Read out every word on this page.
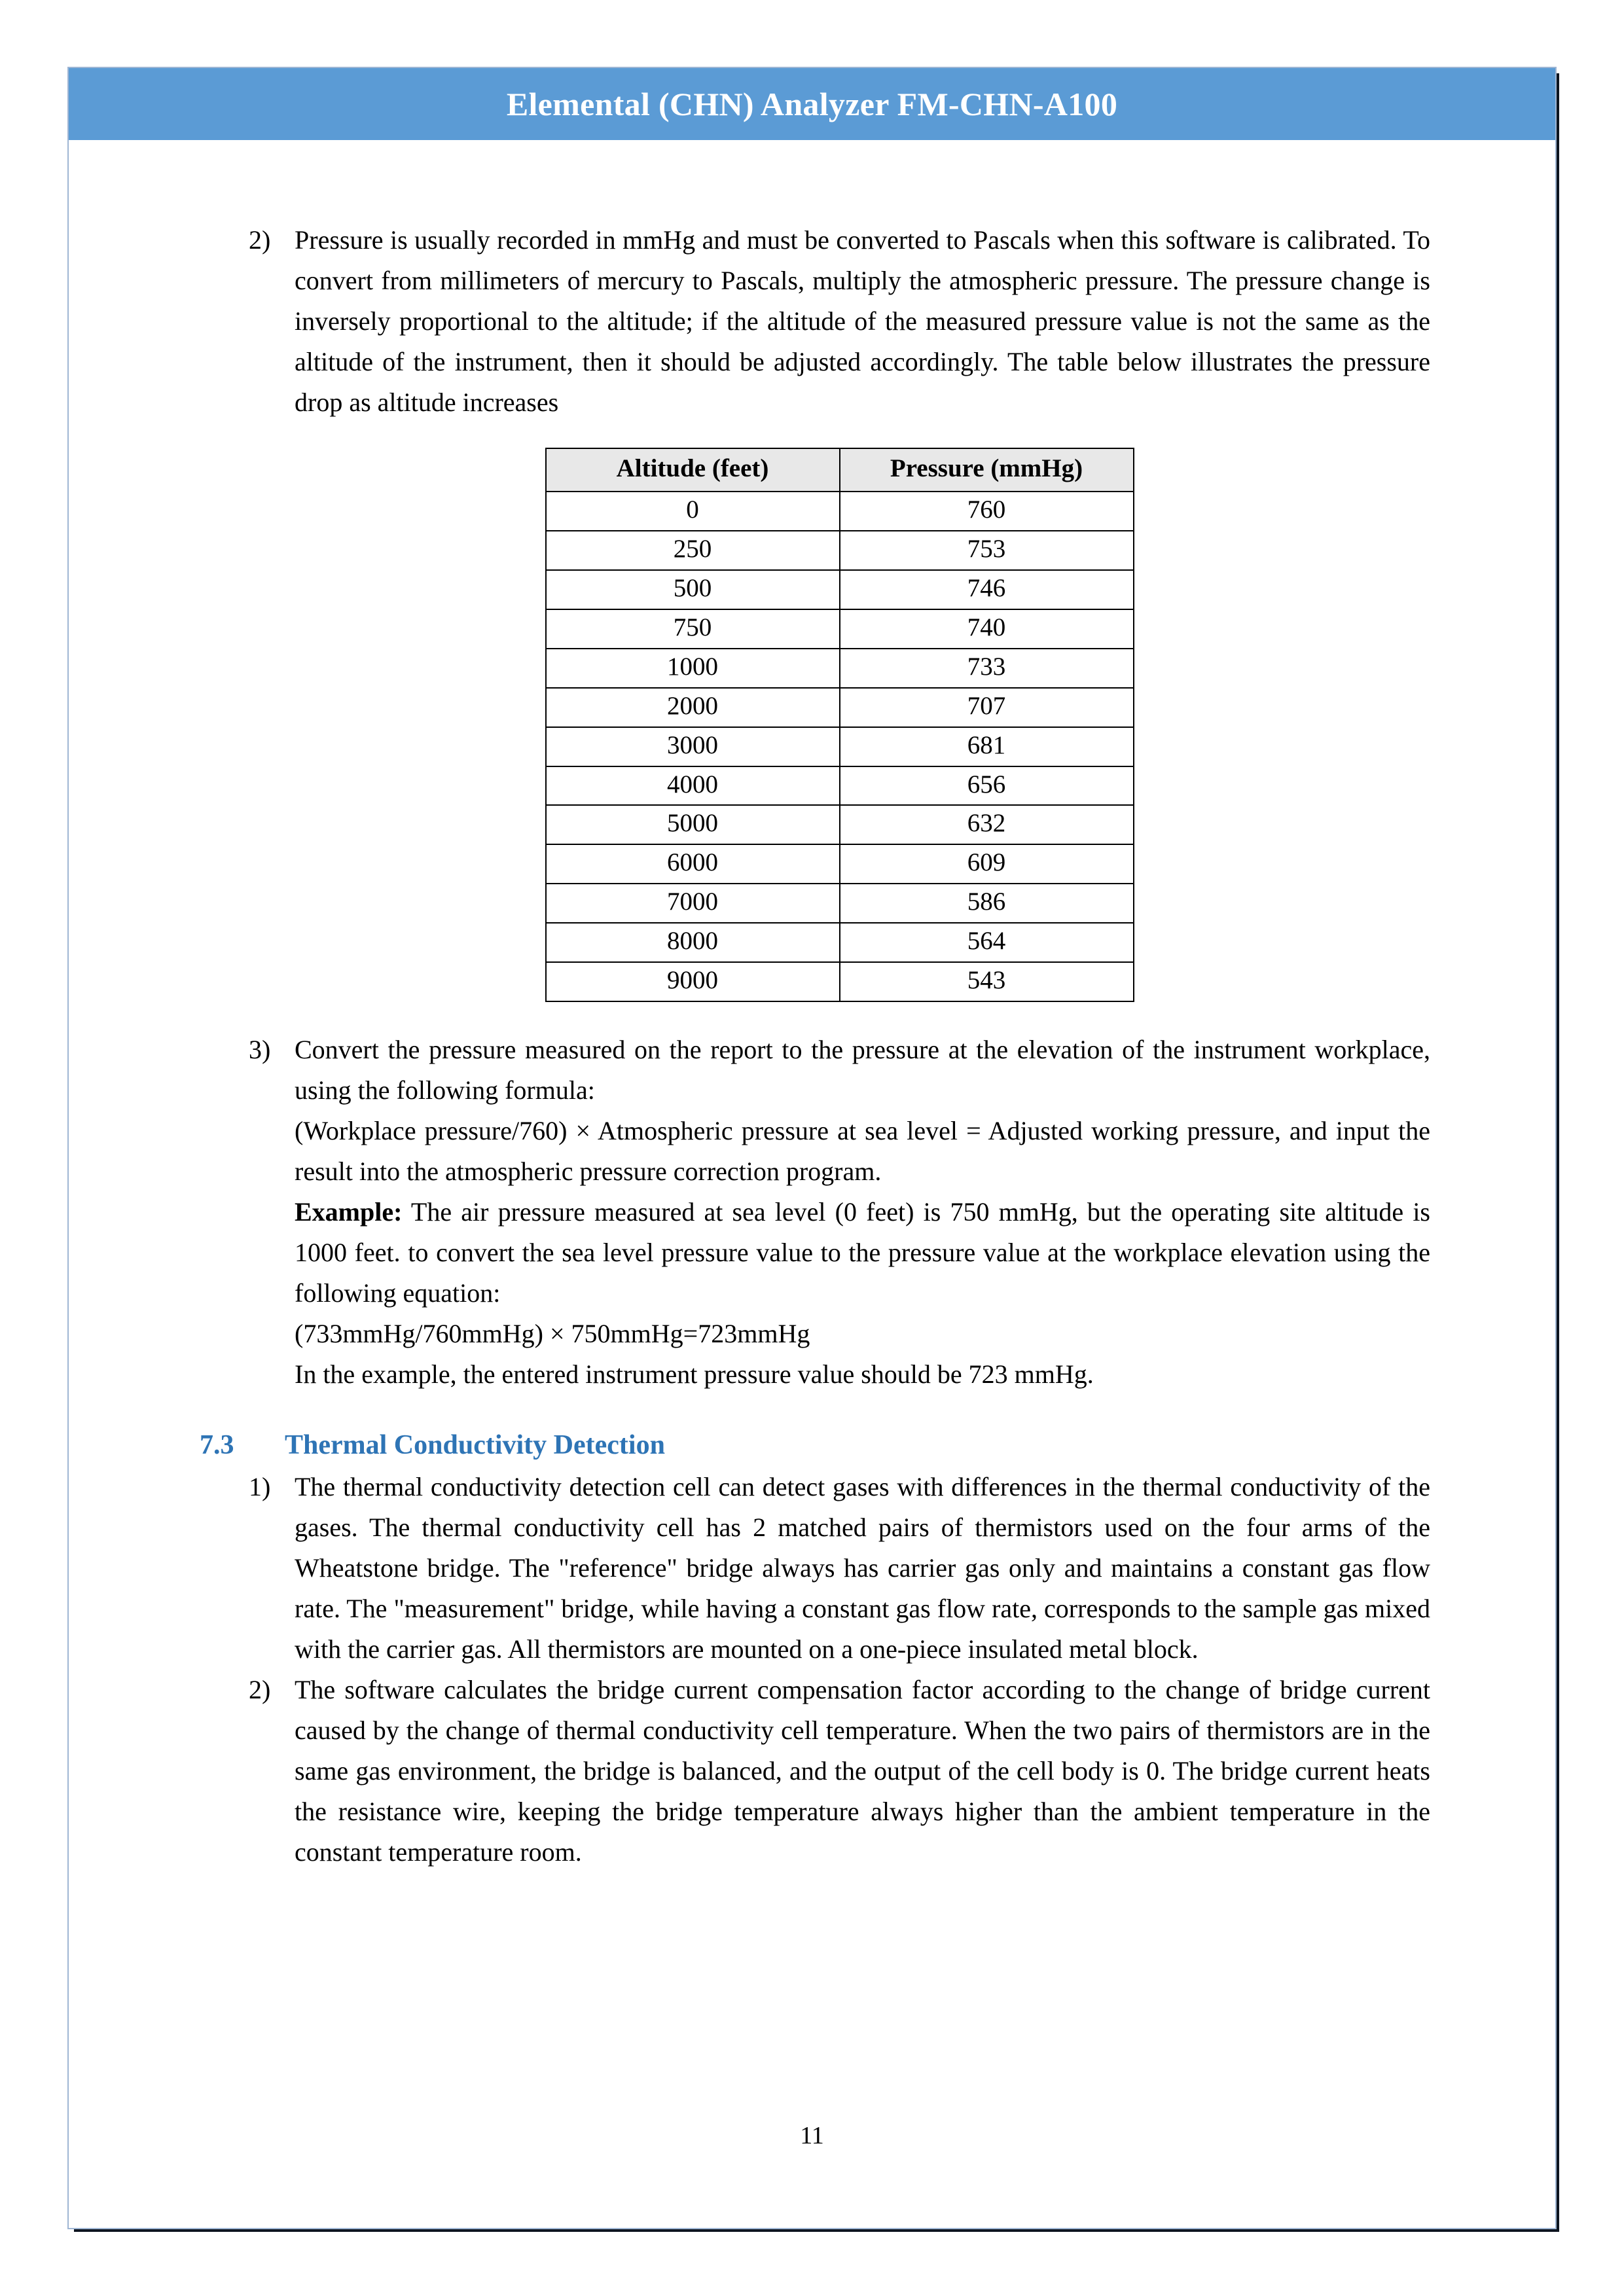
Elemental (CHN) Analyzer FM-CHN-A100
2) Pressure is usually recorded in mmHg and must be converted to Pascals when this software is calibrated. To convert from millimeters of mercury to Pascals, multiply the atmospheric pressure. The pressure change is inversely proportional to the altitude; if the altitude of the measured pressure value is not the same as the altitude of the instrument, then it should be adjusted accordingly. The table below illustrates the pressure drop as altitude increases
Altitude (feet)	Pressure (mmHg)
0	760
250	753
500	746
750	740
1000	733
2000	707
3000	681
4000	656
5000	632
6000	609
7000	586
8000	564
9000	543
3) Convert the pressure measured on the report to the pressure at the elevation of the instrument workplace, using the following formula:

(Workplace pressure/760) × Atmospheric pressure at sea level = Adjusted working pressure, and input the result into the atmospheric pressure correction program.

Example: The air pressure measured at sea level (0 feet) is 750 mmHg, but the operating site altitude is 1000 feet. to convert the sea level pressure value to the pressure value at the workplace elevation using the following equation:

(733mmHg/760mmHg) × 750mmHg=723mmHg

In the example, the entered instrument pressure value should be 723 mmHg.

7.3	Thermal Conductivity Detection
1) The thermal conductivity detection cell can detect gases with differences in the thermal conductivity of the gases. The thermal conductivity cell has 2 matched pairs of thermistors used on the four arms of the Wheatstone bridge. The "reference" bridge always has carrier gas only and maintains a constant gas flow rate. The "measurement" bridge, while having a constant gas flow rate, corresponds to the sample gas mixed with the carrier gas. All thermistors are mounted on a one-piece insulated metal block.
2) The software calculates the bridge current compensation factor according to the change of bridge current caused by the change of thermal conductivity cell temperature. When the two pairs of thermistors are in the same gas environment, the bridge is balanced, and the output of the cell body is 0. The bridge current heats the resistance wire, keeping the bridge temperature always higher than the ambient temperature in the constant temperature room.
11
